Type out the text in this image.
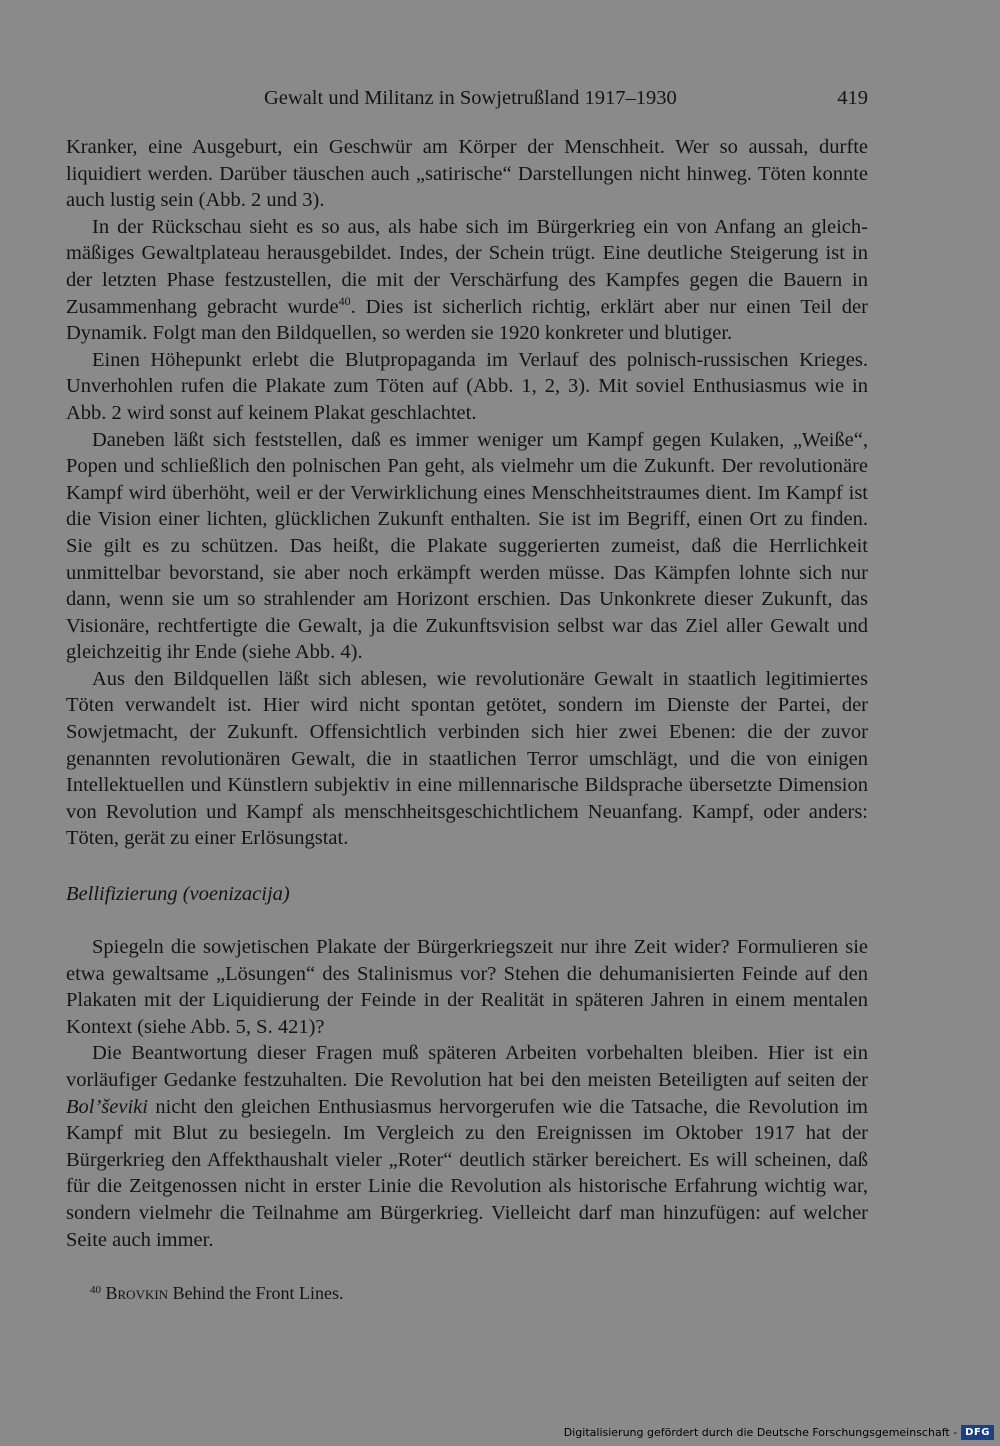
Gewalt und Militanz in Sowjetrußland 1917–1930	419

Kranker, eine Ausgeburt, ein Geschwür am Körper der Menschheit. Wer so aussah, durfte liquidiert werden. Darüber täuschen auch „satirische“ Darstellungen nicht hinweg. Töten konnte auch lustig sein (Abb. 2 und 3).

In der Rückschau sieht es so aus, als habe sich im Bürgerkrieg ein von Anfang an gleichmäßiges Gewaltplateau herausgebildet. Indes, der Schein trügt. Eine deutliche Steigerung ist in der letzten Phase festzustellen, die mit der Verschärfung des Kampfes gegen die Bauern in Zusammenhang gebracht wurde$^{40}$. Dies ist sicherlich richtig, erklärt aber nur einen Teil der Dynamik. Folgt man den Bildquellen, so werden sie 1920 konkreter und blutiger.

Einen Höhepunkt erlebt die Blutpropaganda im Verlauf des polnisch-russischen Krieges. Unverhohlen rufen die Plakate zum Töten auf (Abb. 1, 2, 3). Mit soviel Enthusiasmus wie in Abb. 2 wird sonst auf keinem Plakat geschlachtet.

Daneben läßt sich feststellen, daß es immer weniger um Kampf gegen Kulaken, „Weiße“, Popen und schließlich den polnischen Pan geht, als vielmehr um die Zukunft. Der revolutionäre Kampf wird überhöht, weil er der Verwirklichung eines Menschheitstraumes dient. Im Kampf ist die Vision einer lichten, glücklichen Zukunft enthalten. Sie ist im Begriff, einen Ort zu finden. Sie gilt es zu schützen. Das heißt, die Plakate suggerierten zumeist, daß die Herrlichkeit unmittelbar bevorstand, sie aber noch erkämpft werden müsse. Das Kämpfen lohnte sich nur dann, wenn sie um so strahlender am Horizont erschien. Das Unkonkrete dieser Zukunft, das Visionäre, rechtfertigte die Gewalt, ja die Zukunftsvision selbst war das Ziel aller Gewalt und gleichzeitig ihr Ende (siehe Abb. 4).

Aus den Bildquellen läßt sich ablesen, wie revolutionäre Gewalt in staatlich legitimiertes Töten verwandelt ist. Hier wird nicht spontan getötet, sondern im Dienste der Partei, der Sowjetmacht, der Zukunft. Offensichtlich verbinden sich hier zwei Ebenen: die der zuvor genannten revolutionären Gewalt, die in staatlichen Terror umschlägt, und die von einigen Intellektuellen und Künstlern subjektiv in eine millennarische Bildsprache übersetzte Dimension von Revolution und Kampf als menschheitsgeschichtlichem Neuanfang. Kampf, oder anders: Töten, gerät zu einer Erlösungstat.

Bellifizierung (voenizacija)

Spiegeln die sowjetischen Plakate der Bürgerkriegszeit nur ihre Zeit wider? Formulieren sie etwa gewaltsame „Lösungen“ des Stalinismus vor? Stehen die dehumanisierten Feinde auf den Plakaten mit der Liquidierung der Feinde in der Realität in späteren Jahren in einem mentalen Kontext (siehe Abb. 5, S. 421)?

Die Beantwortung dieser Fragen muß späteren Arbeiten vorbehalten bleiben. Hier ist ein vorläufiger Gedanke festzuhalten. Die Revolution hat bei den meisten Beteiligten auf seiten der Bol’ševiki nicht den gleichen Enthusiasmus hervorgerufen wie die Tatsache, die Revolution im Kampf mit Blut zu besiegeln. Im Vergleich zu den Ereignissen im Oktober 1917 hat der Bürgerkrieg den Affekthaushalt vieler „Roter“ deutlich stärker bereichert. Es will scheinen, daß für die Zeitgenossen nicht in erster Linie die Revolution als historische Erfahrung wichtig war, sondern vielmehr die Teilnahme am Bürgerkrieg. Vielleicht darf man hinzufügen: auf welcher Seite auch immer.

$^{40}$ Brovkin Behind the Front Lines.
Digitalisierung gefördert durch die Deutsche Forschungsgemeinschaft - DFG
